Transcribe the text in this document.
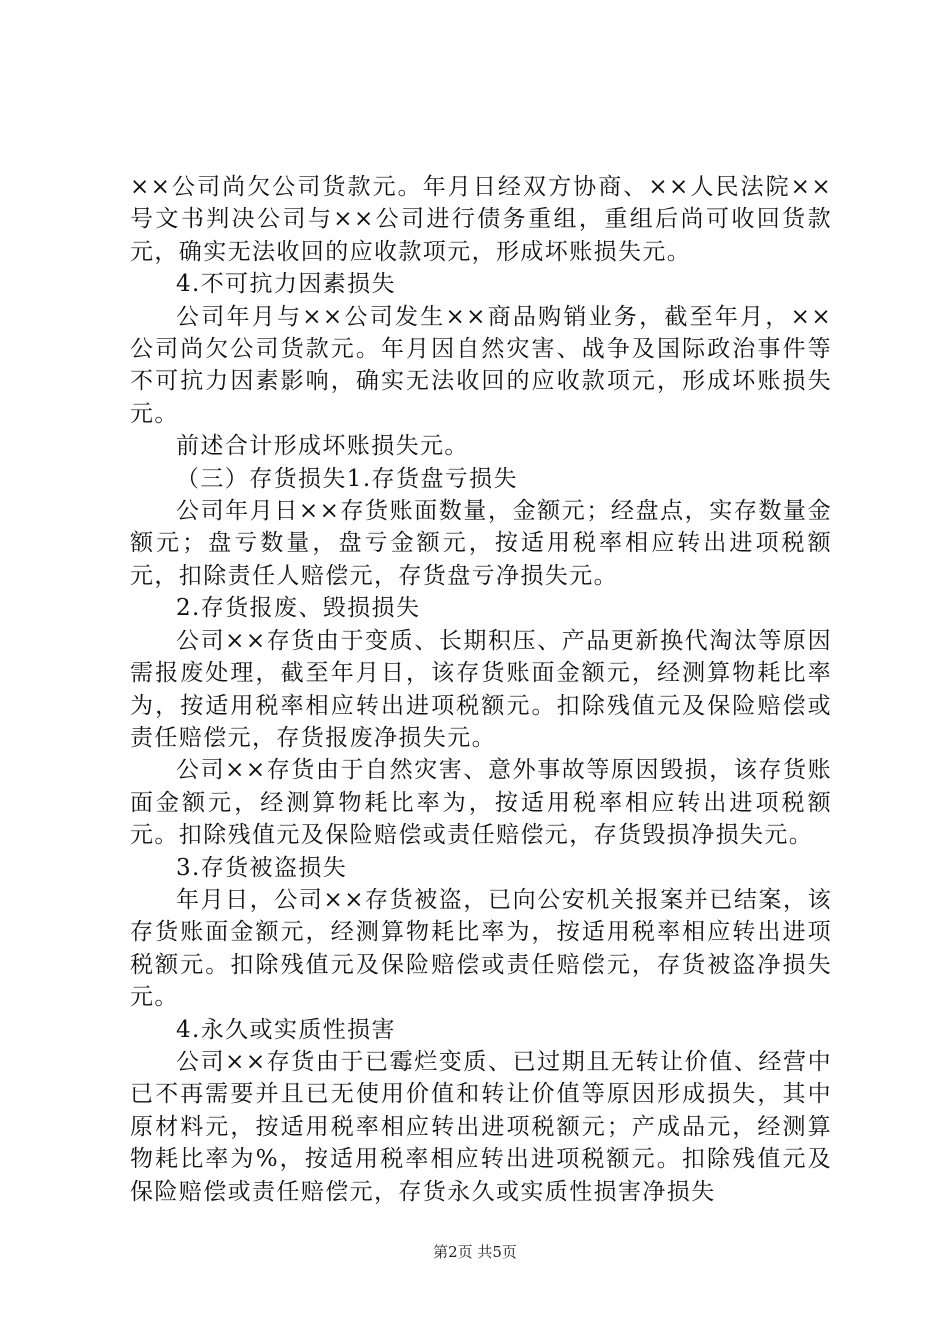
××公司尚欠公司货款元。年月日经双方协商、××人民法院××号文书判决公司与××公司进行债务重组，重组后尚可收回货款元，确实无法收回的应收款项元，形成坏账损失元。

4.不可抗力因素损失

公司年月与××公司发生××商品购销业务，截至年月，××公司尚欠公司货款元。年月因自然灾害、战争及国际政治事件等不可抗力因素影响，确实无法收回的应收款项元，形成坏账损失元。

前述合计形成坏账损失元。

（三）存货损失1.存货盘亏损失

公司年月日××存货账面数量，金额元；经盘点，实存数量金额元；盘亏数量，盘亏金额元，按适用税率相应转出进项税额元，扣除责任人赔偿元，存货盘亏净损失元。

2.存货报废、毁损损失

公司××存货由于变质、长期积压、产品更新换代淘汰等原因需报废处理，截至年月日，该存货账面金额元，经测算物耗比率为，按适用税率相应转出进项税额元。扣除残值元及保险赔偿或责任赔偿元，存货报废净损失元。

公司××存货由于自然灾害、意外事故等原因毁损，该存货账面金额元，经测算物耗比率为，按适用税率相应转出进项税额元。扣除残值元及保险赔偿或责任赔偿元，存货毁损净损失元。

3.存货被盗损失

年月日，公司××存货被盗，已向公安机关报案并已结案，该存货账面金额元，经测算物耗比率为，按适用税率相应转出进项税额元。扣除残值元及保险赔偿或责任赔偿元，存货被盗净损失元。

4.永久或实质性损害

公司××存货由于已霉烂变质、已过期且无转让价值、经营中已不再需要并且已无使用价值和转让价值等原因形成损失，其中原材料元，按适用税率相应转出进项税额元；产成品元，经测算物耗比率为%，按适用税率相应转出进项税额元。扣除残值元及保险赔偿或责任赔偿元，存货永久或实质性损害净损失

第2页 共5页
